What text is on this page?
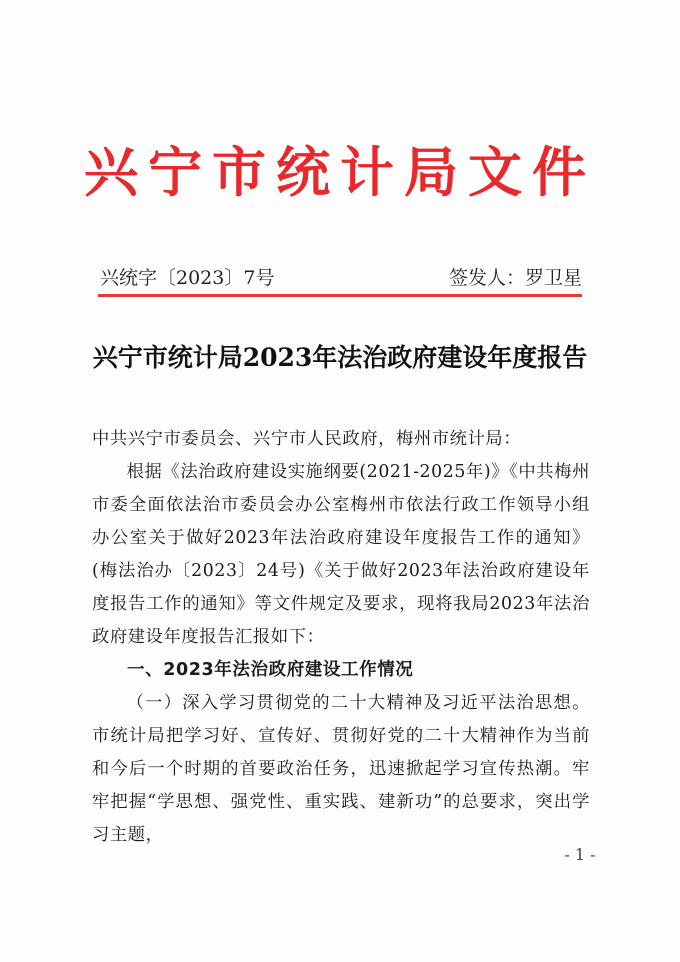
兴宁市统计局文件
兴统字〔2023〕7号	签发人：罗卫星
兴宁市统计局2023年法治政府建设年度报告

中共兴宁市委员会、兴宁市人民政府，梅州市统计局：

根据《法治政府建设实施纲要(2021-2025年)》《中共梅州市委全面依法治市委员会办公室梅州市依法行政工作领导小组办公室关于做好2023年法治政府建设年度报告工作的通知》(梅法治办〔2023〕24号)《关于做好2023年法治政府建设年度报告工作的通知》等文件规定及要求，现将我局2023年法治政府建设年度报告汇报如下：

一、2023年法治政府建设工作情况

（一）深入学习贯彻党的二十大精神及习近平法治思想。市统计局把学习好、宣传好、贯彻好党的二十大精神作为当前和今后一个时期的首要政治任务，迅速掀起学习宣传热潮。牢牢把握“学思想、强党性、重实践、建新功”的总要求，突出学习主题，

- 1 -
